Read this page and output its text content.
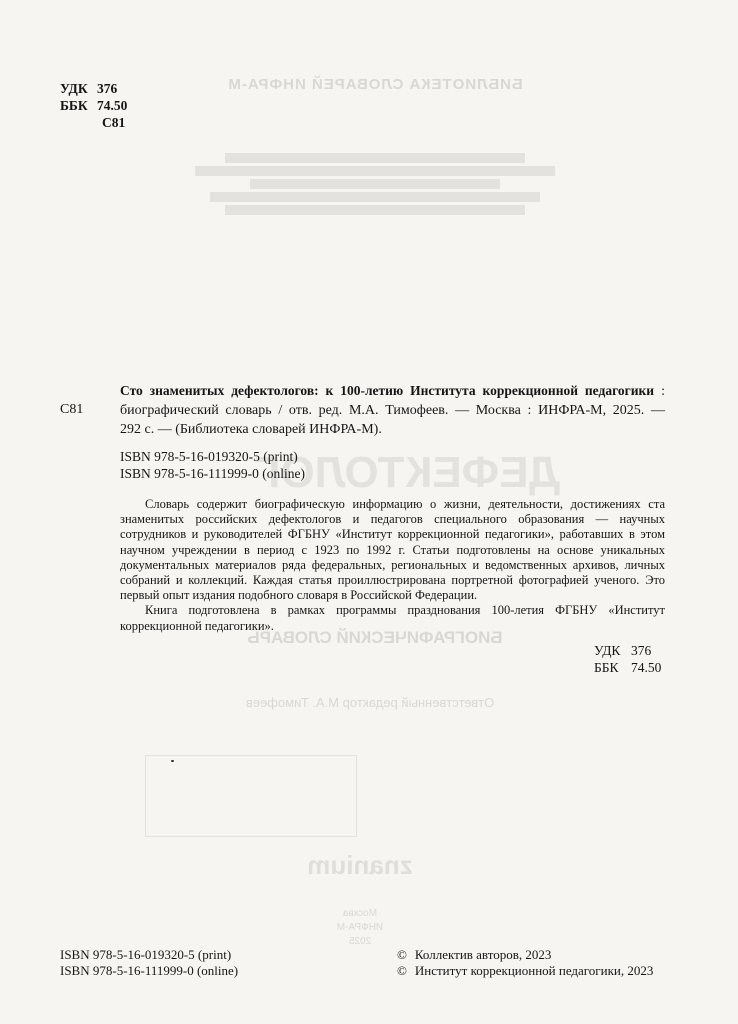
БИБЛИОТЕКА СЛОВАРЕЙ ИНФРА-М
ДЕФЕКТОЛОГ
БИОГРАФИЧЕСКИЙ СЛОВАРЬ
Ответственный редактор М.А. Тимофеев
znanium
Москва
ИНФРА-М
2025
УДК 376
ББК 74.50
С81
С81
Сто знаменитых дефектологов: к 100-летию Института коррекционной педагогики :
биографический словарь / отв. ред. М.А. Тимофеев. — Москва : ИНФРА-М, 2025. —
292 с. — (Библиотека словарей ИНФРА-М).
ISBN 978-5-16-019320-5 (print)
ISBN 978-5-16-111999-0 (online)

Словарь содержит биографическую информацию о жизни, деятельности, достижениях ста знаменитых российских дефектологов и педагогов специального образования — научных сотрудников и руководителей ФГБНУ «Институт коррекционной педагогики», работавших в этом научном учреждении в период с 1923 по 1992 г. Статьи подготовлены на основе уникальных документальных материалов ряда федеральных, региональных и ведомственных архивов, личных собраний и коллекций. Каждая статья проиллюстрирована портретной фотографией ученого. Это первый опыт издания подобного словаря в Российской Федерации.

Книга подготовлена в рамках программы празднования 100-летия ФГБНУ «Институт коррекционной педагогики».

УДК 376
ББК 74.50
ISBN 978-5-16-019320-5 (print)
ISBN 978-5-16-111999-0 (online)
© Коллектив авторов, 2023
© Институт коррекционной педагогики, 2023
